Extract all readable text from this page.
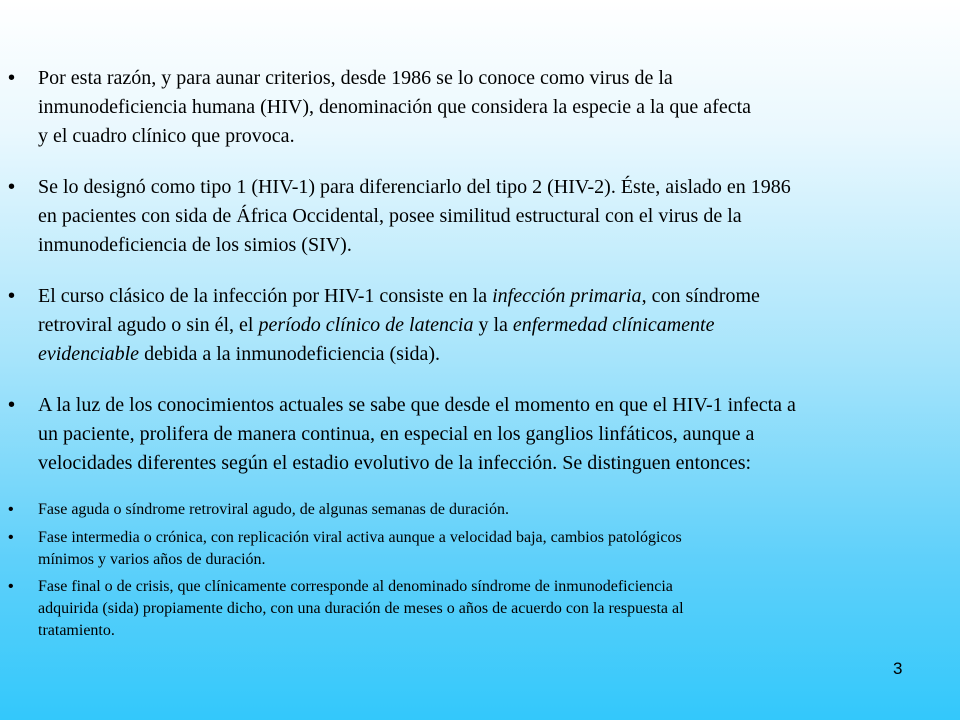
• Por esta razón, y para aunar criterios, desde 1986 se lo conoce como virus de la
inmunodeficiencia humana (HIV), denominación que considera la especie a la que afecta
y el cuadro clínico que provoca.
• Se lo designó como tipo 1 (HIV-1) para diferenciarlo del tipo 2 (HIV-2). Éste, aislado en 1986
en pacientes con sida de África Occidental, posee similitud estructural con el virus de la
inmunodeficiencia de los simios (SIV).
• El curso clásico de la infección por HIV-1 consiste en la infección primaria, con síndrome
retroviral agudo o sin él, el período clínico de latencia y la enfermedad clínicamente
evidenciable debida a la inmunodeficiencia (sida).
• A la luz de los conocimientos actuales se sabe que desde el momento en que el HIV-1 infecta a
un paciente, prolifera de manera continua, en especial en los ganglios linfáticos, aunque a
velocidades diferentes según el estadio evolutivo de la infección. Se distinguen entonces:
• Fase aguda o síndrome retroviral agudo, de algunas semanas de duración.
• Fase intermedia o crónica, con replicación viral activa aunque a velocidad baja, cambios patológicos
mínimos y varios años de duración.
• Fase final o de crisis, que clínicamente corresponde al denominado síndrome de inmunodeficiencia
adquirida (sida) propiamente dicho, con una duración de meses o años de acuerdo con la respuesta al
tratamiento.
3
